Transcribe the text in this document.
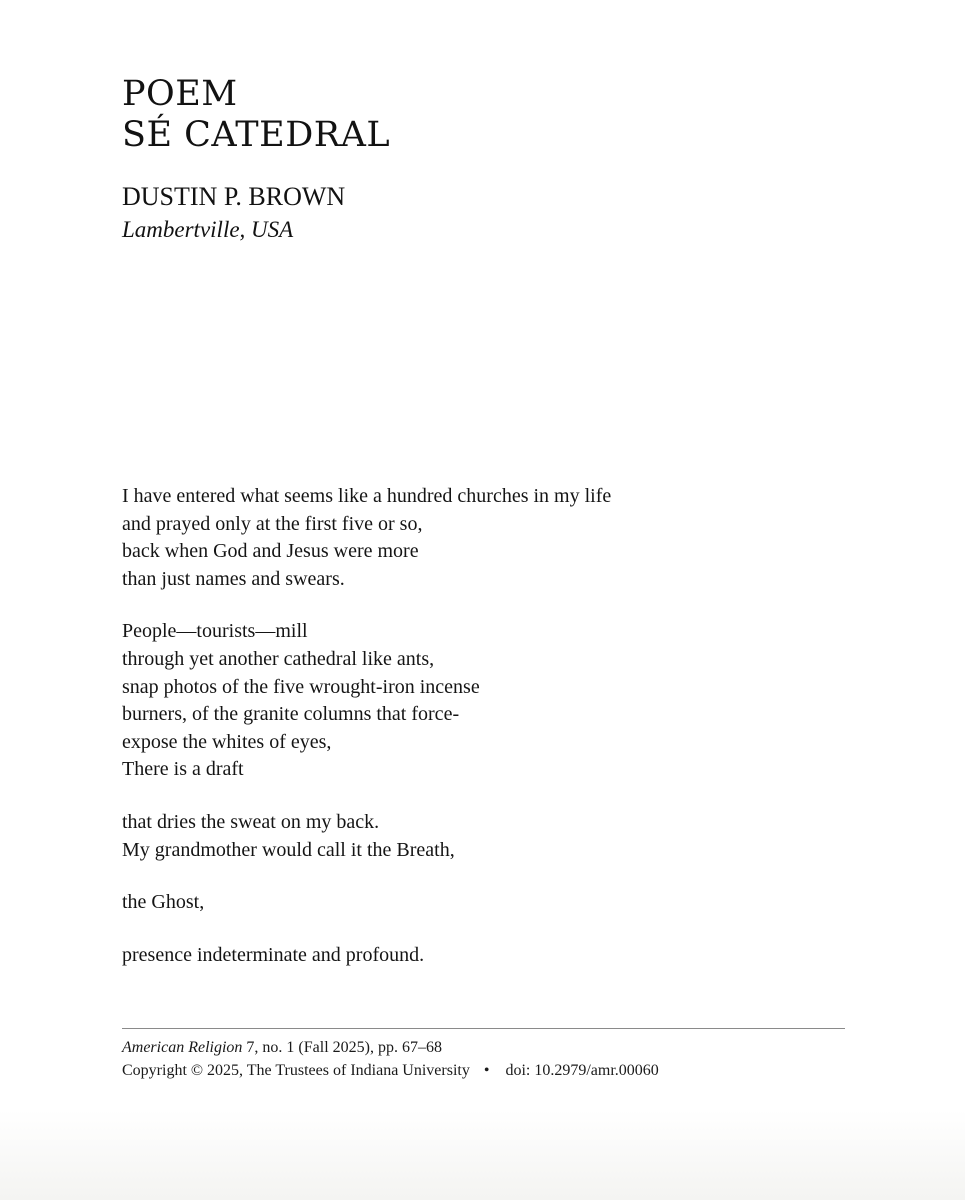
POEM
SÉ CATEDRAL
DUSTIN P. BROWN
Lambertville, USA
I have entered what seems like a hundred churches in my life
and prayed only at the first five or so,
back when God and Jesus were more
than just names and swears.
People—tourists—mill
through yet another cathedral like ants,
snap photos of the five wrought-iron incense
burners, of the granite columns that force-
expose the whites of eyes,
There is a draft
that dries the sweat on my back.
My grandmother would call it the Breath,
the Ghost,
presence indeterminate and profound.
American Religion 7, no. 1 (Fall 2025), pp. 67–68
Copyright © 2025, The Trustees of Indiana University • doi: 10.2979/amr.00060
